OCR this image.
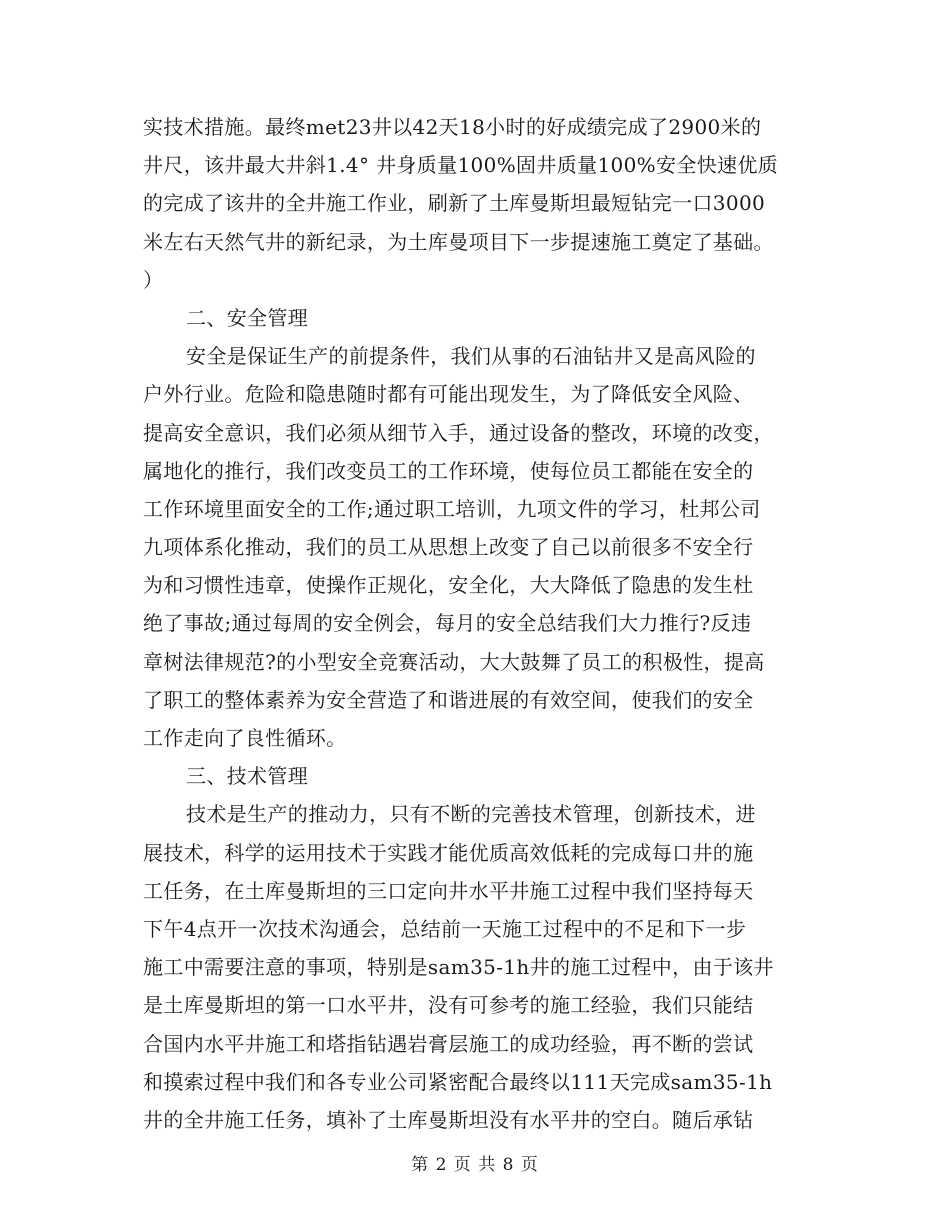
实技术措施。最终met23井以42天18小时的好成绩完成了2900米的
井尺，该井最大井斜1.4° 井身质量100%固井质量100%安全快速优质
的完成了该井的全井施工作业，刷新了土库曼斯坦最短钻完一口3000
米左右天然气井的新纪录，为土库曼项目下一步提速施工奠定了基础。
）
二、安全管理
安全是保证生产的前提条件，我们从事的石油钻井又是高风险的
户外行业。危险和隐患随时都有可能出现发生，为了降低安全风险、
提高安全意识，我们必须从细节入手，通过设备的整改，环境的改变，
属地化的推行，我们改变员工的工作环境，使每位员工都能在安全的
工作环境里面安全的工作;通过职工培训，九项文件的学习，杜邦公司
九项体系化推动，我们的员工从思想上改变了自己以前很多不安全行
为和习惯性违章，使操作正规化，安全化，大大降低了隐患的发生杜
绝了事故;通过每周的安全例会，每月的安全总结我们大力推行?反违
章树法律规范?的小型安全竞赛活动，大大鼓舞了员工的积极性，提高
了职工的整体素养为安全营造了和谐进展的有效空间，使我们的安全
工作走向了良性循环。
三、技术管理
技术是生产的推动力，只有不断的完善技术管理，创新技术，进
展技术，科学的运用技术于实践才能优质高效低耗的完成每口井的施
工任务，在土库曼斯坦的三口定向井水平井施工过程中我们坚持每天
下午4点开一次技术沟通会，总结前一天施工过程中的不足和下一步
施工中需要注意的事项，特别是sam35-1h井的施工过程中，由于该井
是土库曼斯坦的第一口水平井，没有可参考的施工经验，我们只能结
合国内水平井施工和塔指钻遇岩膏层施工的成功经验，再不断的尝试
和摸索过程中我们和各专业公司紧密配合最终以111天完成sam35-1h
井的全井施工任务，填补了土库曼斯坦没有水平井的空白。随后承钻
第 2 页 共 8 页
